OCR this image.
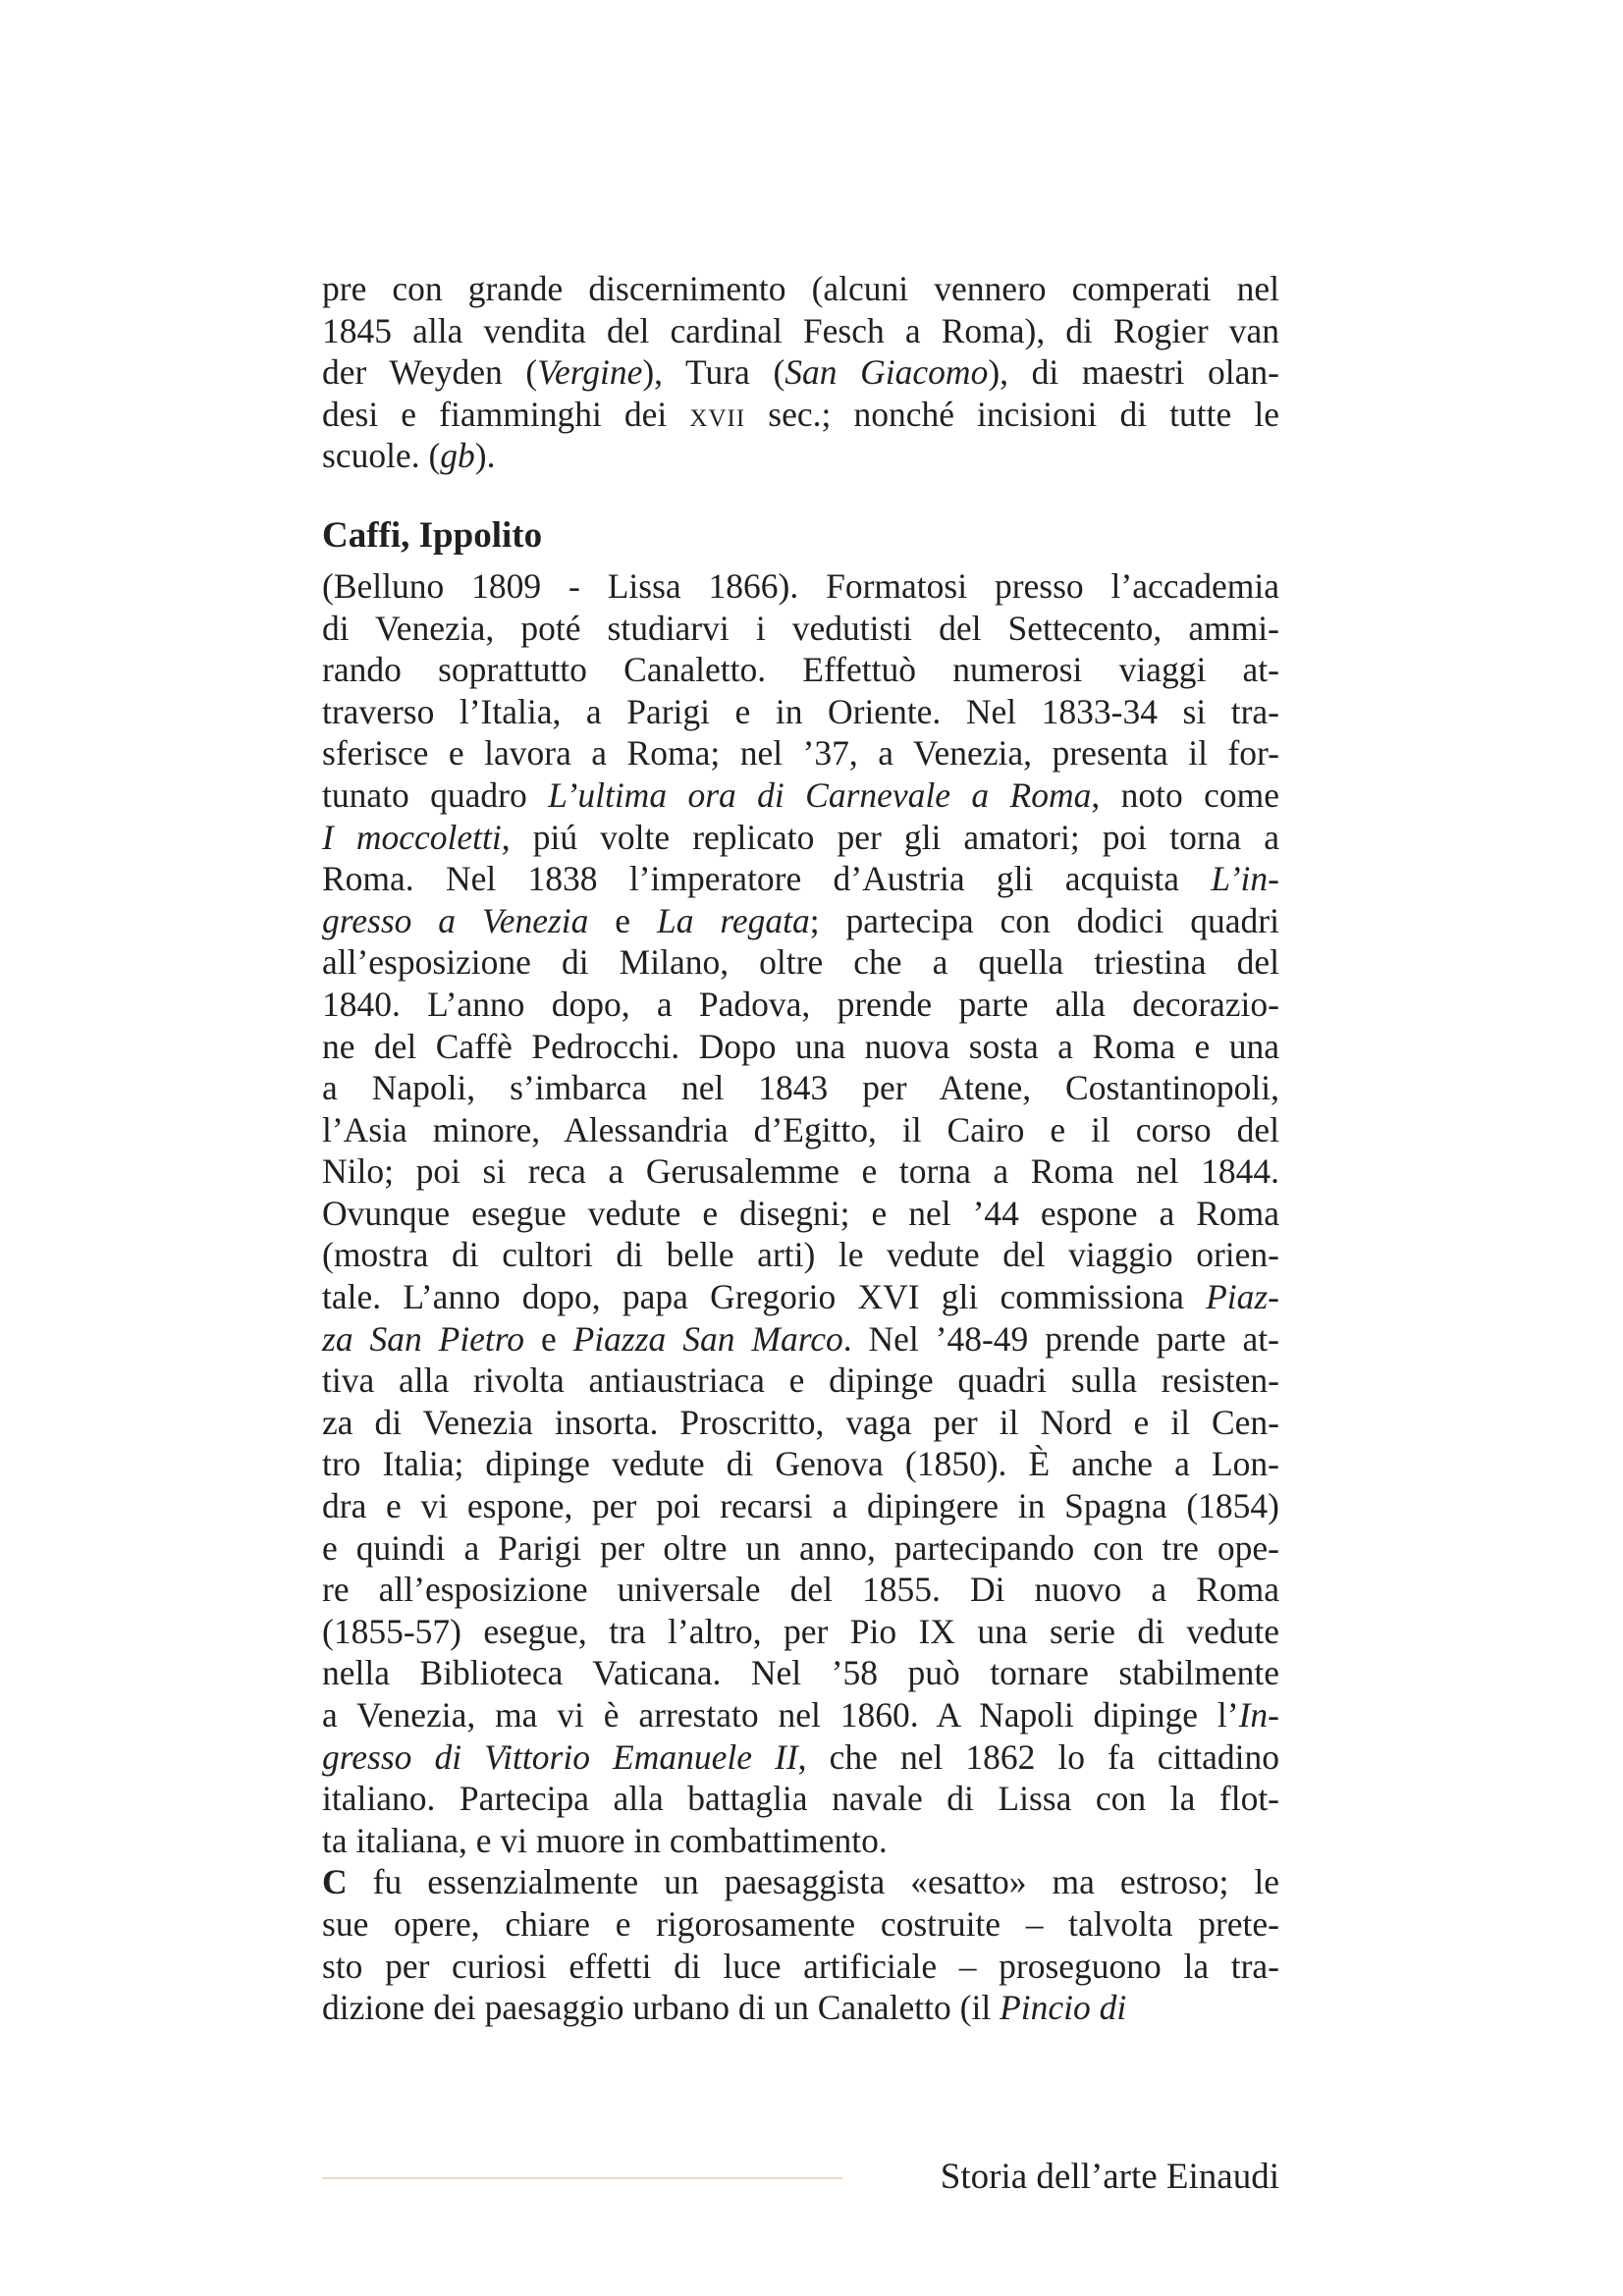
pre con grande discernimento (alcuni vennero comperati nel
1845 alla vendita del cardinal Fesch a Roma), di Rogier van
der Weyden (Vergine), Tura (San Giacomo), di maestri olan-
desi e fiamminghi dei xvii sec.; nonché incisioni di tutte le
scuole. (gb).

Caffi, Ippolito

(Belluno 1809 - Lissa 1866). Formatosi presso l’accademia
di Venezia, poté studiarvi i vedutisti del Settecento, ammi-
rando soprattutto Canaletto. Effettuò numerosi viaggi at-
traverso l’Italia, a Parigi e in Oriente. Nel 1833-34 si tra-
sferisce e lavora a Roma; nel ’37, a Venezia, presenta il for-
tunato quadro L’ultima ora di Carnevale a Roma, noto come
I moccoletti, piú volte replicato per gli amatori; poi torna a
Roma. Nel 1838 l’imperatore d’Austria gli acquista L’in-
gresso a Venezia e La regata; partecipa con dodici quadri
all’esposizione di Milano, oltre che a quella triestina del
1840. L’anno dopo, a Padova, prende parte alla decorazio-
ne del Caffè Pedrocchi. Dopo una nuova sosta a Roma e una
a Napoli, s’imbarca nel 1843 per Atene, Costantinopoli,
l’Asia minore, Alessandria d’Egitto, il Cairo e il corso del
Nilo; poi si reca a Gerusalemme e torna a Roma nel 1844.
Ovunque esegue vedute e disegni; e nel ’44 espone a Roma
(mostra di cultori di belle arti) le vedute del viaggio orien-
tale. L’anno dopo, papa Gregorio XVI gli commissiona Piaz-
za San Pietro e Piazza San Marco. Nel ’48-49 prende parte at-
tiva alla rivolta antiaustriaca e dipinge quadri sulla resisten-
za di Venezia insorta. Proscritto, vaga per il Nord e il Cen-
tro Italia; dipinge vedute di Genova (1850). È anche a Lon-
dra e vi espone, per poi recarsi a dipingere in Spagna (1854)
e quindi a Parigi per oltre un anno, partecipando con tre ope-
re all’esposizione universale del 1855. Di nuovo a Roma
(1855-57) esegue, tra l’altro, per Pio IX una serie di vedute
nella Biblioteca Vaticana. Nel ’58 può tornare stabilmente
a Venezia, ma vi è arrestato nel 1860. A Napoli dipinge l’In-
gresso di Vittorio Emanuele II, che nel 1862 lo fa cittadino
italiano. Partecipa alla battaglia navale di Lissa con la flot-
ta italiana, e vi muore in combattimento.

C fu essenzialmente un paesaggista «esatto» ma estroso; le
sue opere, chiare e rigorosamente costruite – talvolta prete-
sto per curiosi effetti di luce artificiale – proseguono la tra-
dizione dei paesaggio urbano di un Canaletto (il Pincio di

Storia dell’arte Einaudi
